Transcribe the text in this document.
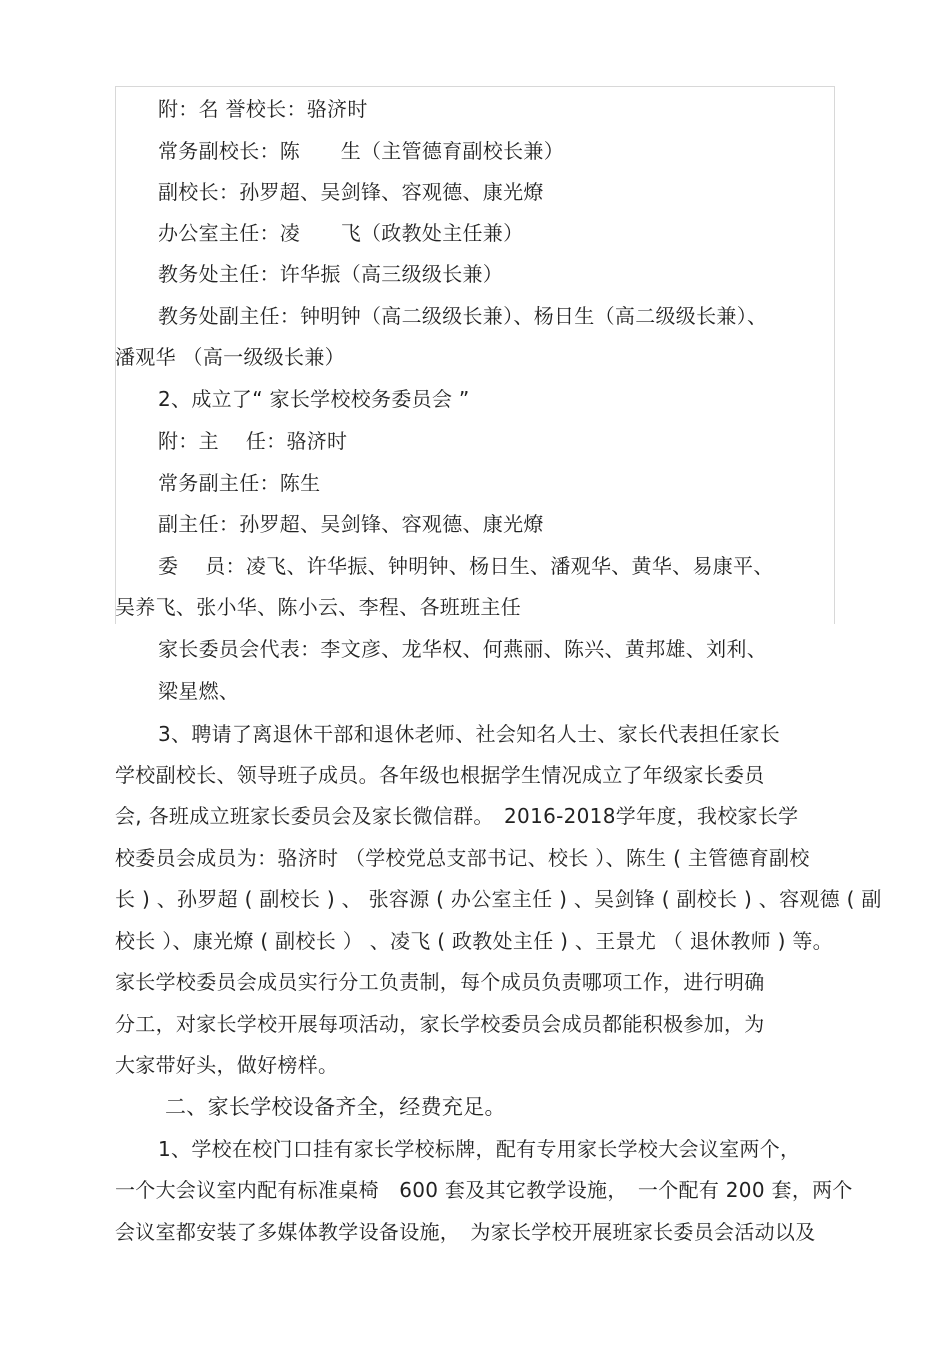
附：名 誉校长：骆济时
常务副校长：陈　　生（主管德育副校长兼）
副校长：孙罗超、吴剑锋、容观德、康光燎
办公室主任：凌　　飞（政教处主任兼）
教务处主任：许华振（高三级级长兼）
教务处副主任：钟明钟（高二级级长兼）、杨日生（高二级级长兼）、
潘观华 （高一级级长兼）
2、成立了“ 家长学校校务委员会 ”
附：主　 任：骆济时
常务副主任：陈生
副主任：孙罗超、吴剑锋、容观德、康光燎
委　 员：凌飞、许华振、钟明钟、杨日生、潘观华、黄华、易康平、
吴养飞、张小华、陈小云、李程、各班班主任
家长委员会代表：李文彦、龙华权、何燕丽、陈兴、黄邦雄、刘利、
梁星燃、
3、聘请了离退休干部和退休老师、社会知名人士、家长代表担任家长
学校副校长、领导班子成员。各年级也根据学生情况成立了年级家长委员
会, 各班成立班家长委员会及家长微信群。　2016-2018学年度，我校家长学
校委员会成员为：骆济时 （学校党总支部书记、校长 ）、陈生 ( 主管德育副校
长 ) 、孙罗超 ( 副校长 ) 、 张容源 ( 办公室主任 ) 、吴剑锋 ( 副校长 ) 、容观德 ( 副
校长 ）、康光燎 ( 副校长 ） 、凌飞 ( 政教处主任 ) 、王景尤 （ 退休教师 ) 等。
家长学校委员会成员实行分工负责制，每个成员负责哪项工作，进行明确
分工，对家长学校开展每项活动，家长学校委员会成员都能积极参加，为
大家带好头，做好榜样。
二、家长学校设备齐全，经费充足。
1、学校在校门口挂有家长学校标牌，配有专用家长学校大会议室两个，
一个大会议室内配有标准桌椅　600 套及其它教学设施，　一个配有 200 套，两个
会议室都安装了多媒体教学设备设施，　为家长学校开展班家长委员会活动以及
